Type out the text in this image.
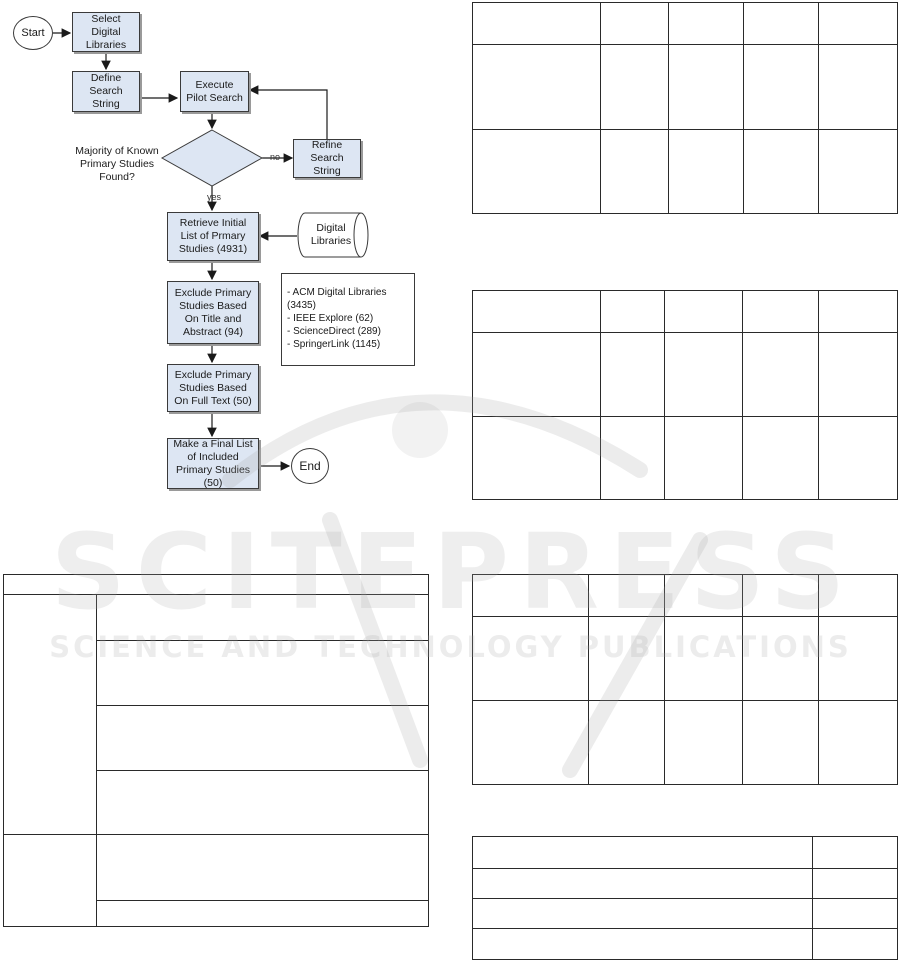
Start
Select Digital Libraries
Define Search String
Execute Pilot Search
Majority of Known Primary Studies Found?
no
yes
Refine Search String
Retrieve Initial List of Prmary Studies (4931)
Digital Libraries
Exclude Primary Studies Based On Title and Abstract (94)
- ACM Digital Libraries (3435)
- IEEE Explore (62)
- ScienceDirect (289)
- SpringerLink (1145)
Exclude Primary Studies Based On Full Text (50)
Make a Final List of Included Primary Studies (50)
End

SCITEPRESS
SCIENCE AND TECHNOLOGY PUBLICATIONS
